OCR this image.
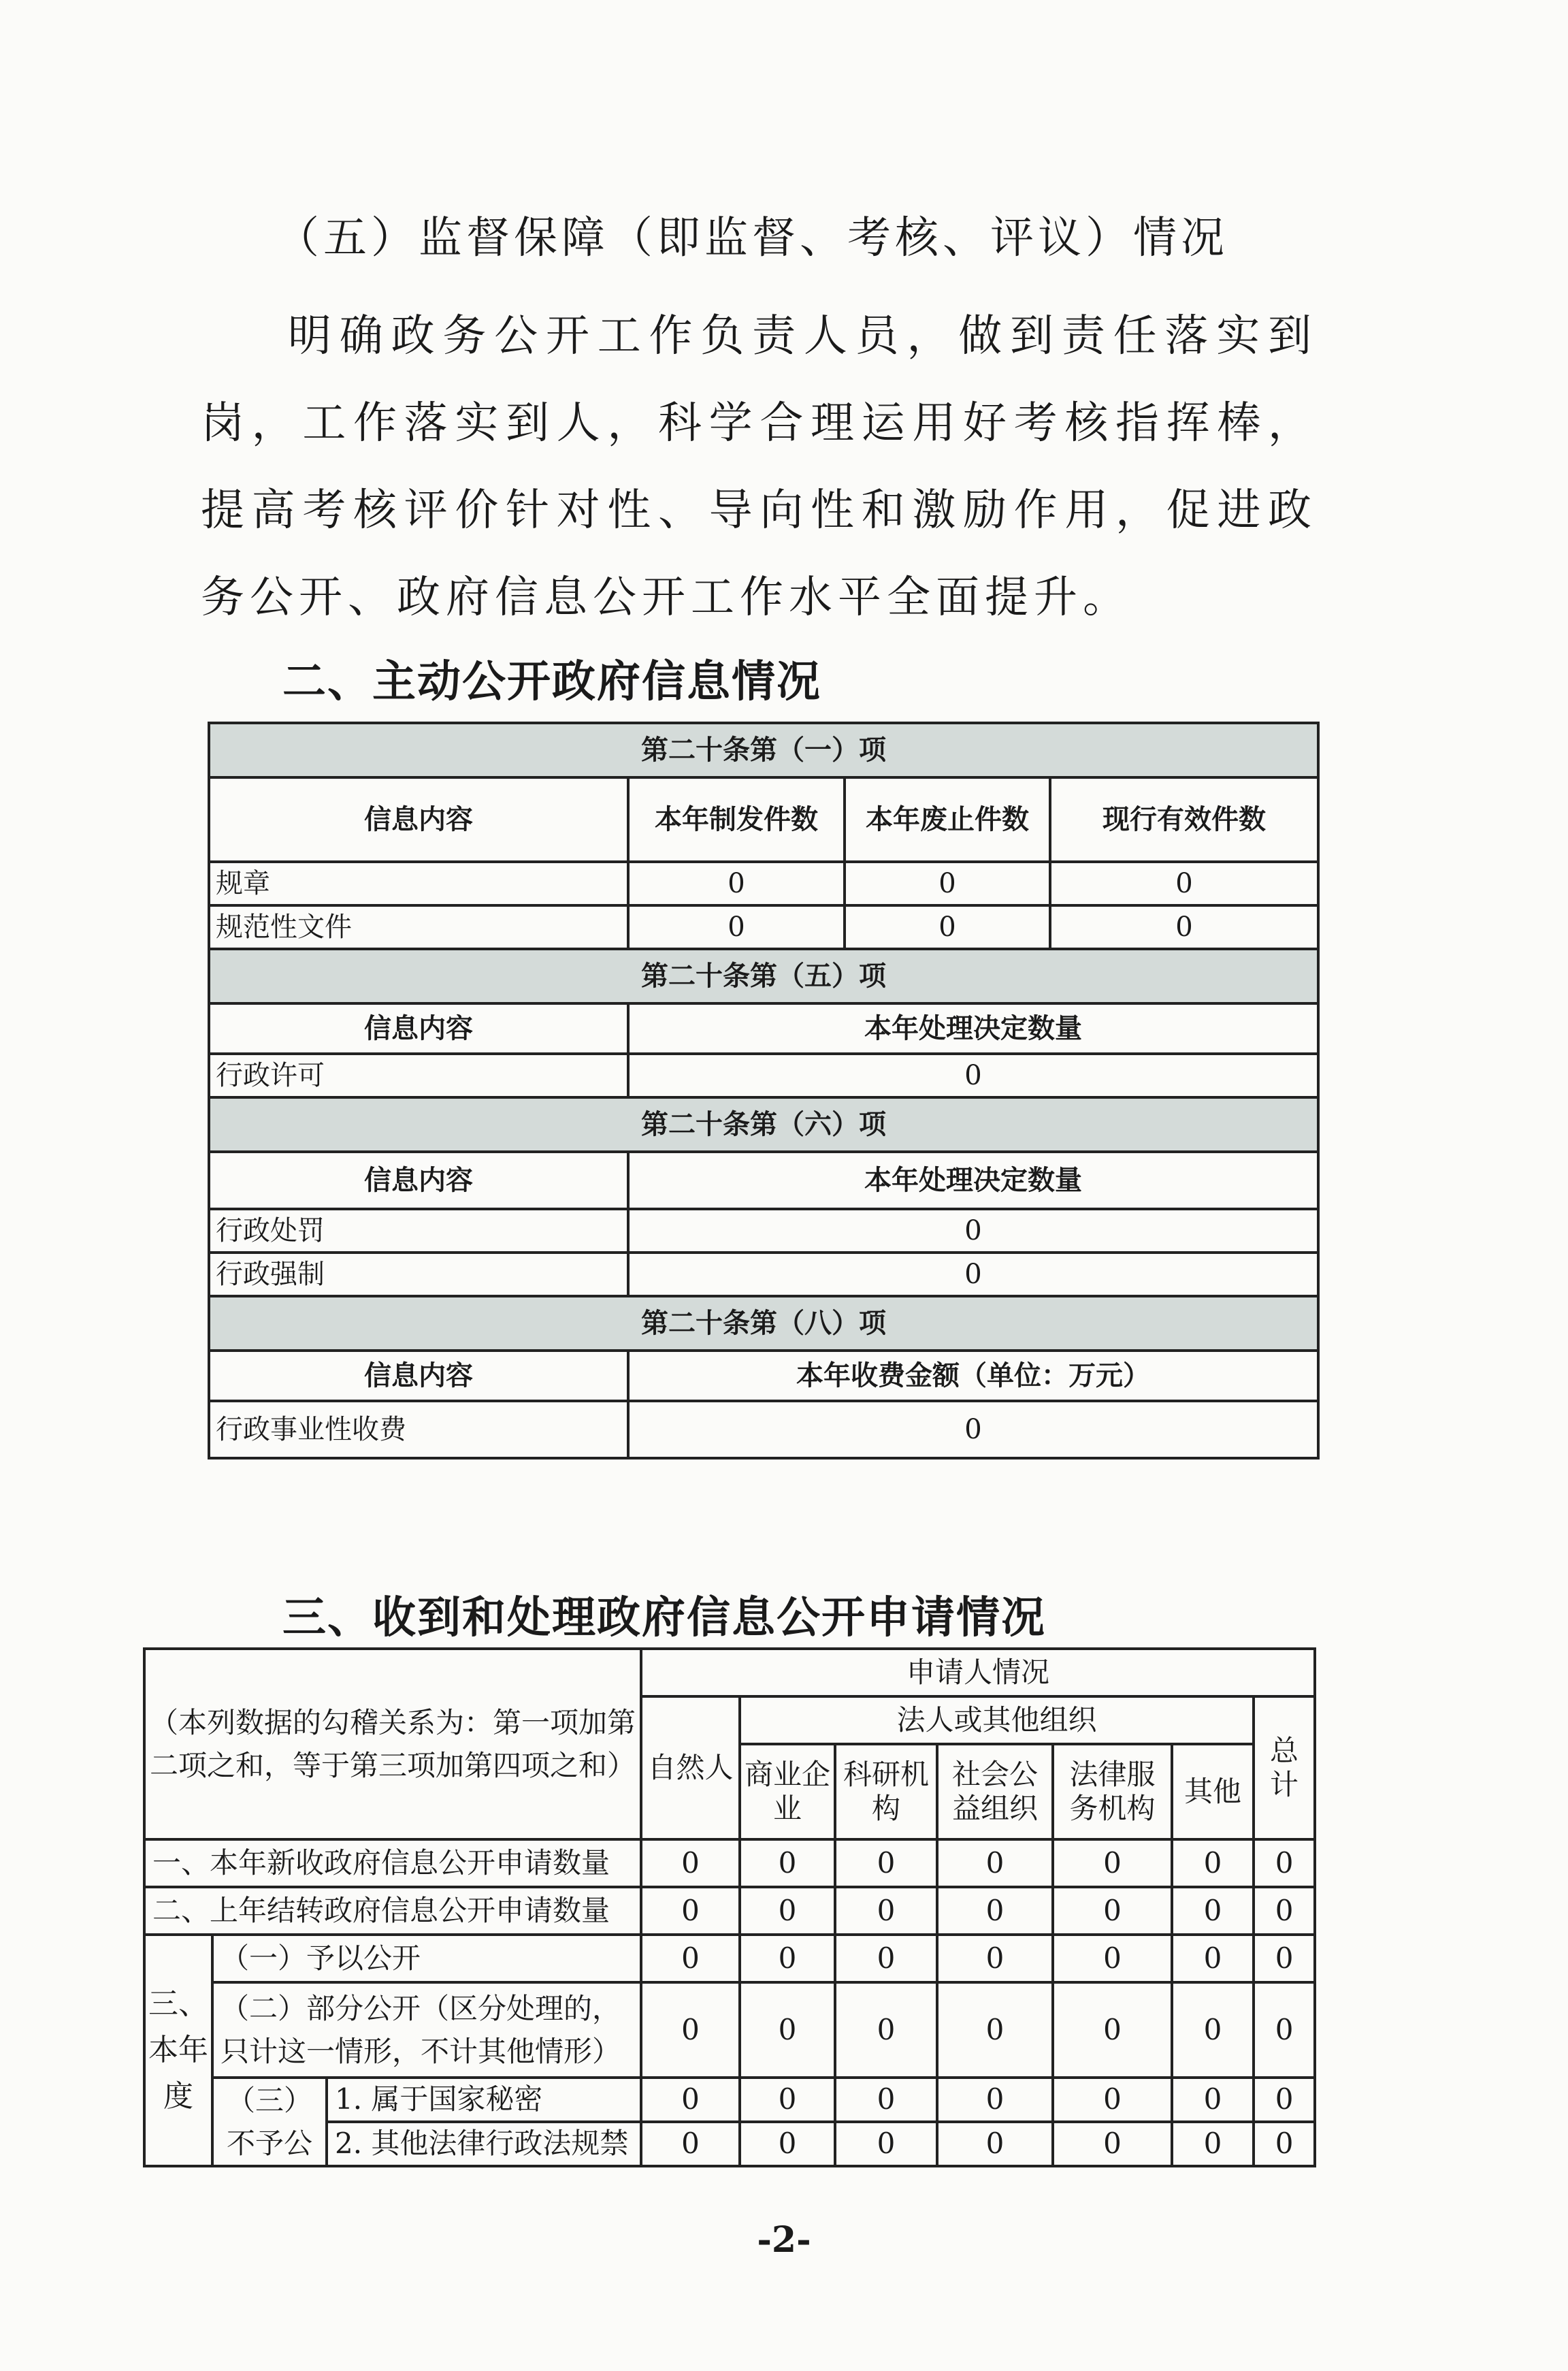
（五）监督保障（即监督、考核、评议）情况
明确政务公开工作负责人员，做到责任落实到岗，工作落实到人，科学合理运用好考核指挥棒，提高考核评价针对性、导向性和激励作用，促进政务公开、政府信息公开工作水平全面提升。
二、主动公开政府信息情况
第二十条第（一）项			
信息内容	本年制发件数	本年废止件数	现行有效件数
规章	0	0	0
规范性文件	0	0	0
第二十条第（五）项			
信息内容	本年处理决定数量		
行政许可	0		
第二十条第（六）项			
信息内容	本年处理决定数量		
行政处罚	0		
行政强制	0		
第二十条第（八）项			
信息内容	本年收费金额（单位：万元）		
行政事业性收费	0		
三、收到和处理政府信息公开申请情况
（本列数据的勾稽关系为：第一项加第二项之和，等于第三项加第四项之和）			申请人情况						
			自然人	法人或其他组织					总计
				商业企业	科研机构	社会公益组织	法律服务机构	其他	
一、本年新收政府信息公开申请数量			0	0	0	0	0	0	0
二、上年结转政府信息公开申请数量			0	0	0	0	0	0	0
三、本年度	（一）予以公开		0	0	0	0	0	0	0
	（二）部分公开（区分处理的，只计这一情形，不计其他情形）		0	0	0	0	0	0	0
	（三）不予公	1. 属于国家秘密	0	0	0	0	0	0	0
		2. 其他法律行政法规禁	0	0	0	0	0	0	0
-2-
